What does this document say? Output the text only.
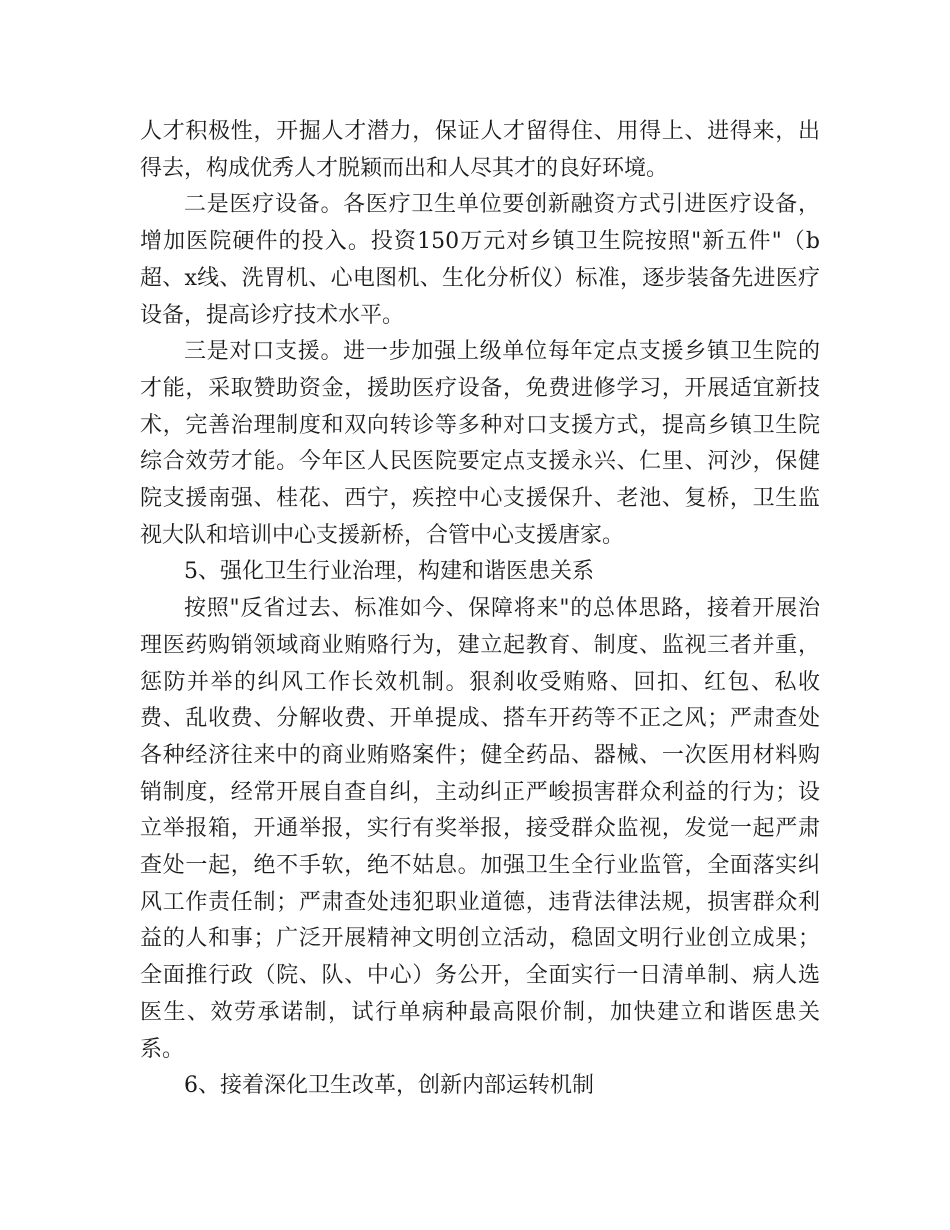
人才积极性，开掘人才潜力，保证人才留得住、用得上、进得来，出得去，构成优秀人才脱颖而出和人尽其才的良好环境。

二是医疗设备。各医疗卫生单位要创新融资方式引进医疗设备，增加医院硬件的投入。投资150万元对乡镇卫生院按照"新五件"（b超、x线、洗胃机、心电图机、生化分析仪）标准，逐步装备先进医疗设备，提高诊疗技术水平。

三是对口支援。进一步加强上级单位每年定点支援乡镇卫生院的才能，采取赞助资金，援助医疗设备，免费进修学习，开展适宜新技术，完善治理制度和双向转诊等多种对口支援方式，提高乡镇卫生院综合效劳才能。今年区人民医院要定点支援永兴、仁里、河沙，保健院支援南强、桂花、西宁，疾控中心支援保升、老池、复桥，卫生监视大队和培训中心支援新桥，合管中心支援唐家。

5、强化卫生行业治理，构建和谐医患关系

按照"反省过去、标准如今、保障将来"的总体思路，接着开展治理医药购销领域商业贿赂行为，建立起教育、制度、监视三者并重，惩防并举的纠风工作长效机制。狠刹收受贿赂、回扣、红包、私收费、乱收费、分解收费、开单提成、搭车开药等不正之风；严肃查处各种经济往来中的商业贿赂案件；健全药品、器械、一次医用材料购销制度，经常开展自查自纠，主动纠正严峻损害群众利益的行为；设立举报箱，开通举报，实行有奖举报，接受群众监视，发觉一起严肃查处一起，绝不手软，绝不姑息。加强卫生全行业监管，全面落实纠风工作责任制；严肃查处违犯职业道德，违背法律法规，损害群众利益的人和事；广泛开展精神文明创立活动，稳固文明行业创立成果；全面推行政（院、队、中心）务公开，全面实行一日清单制、病人选医生、效劳承诺制，试行单病种最高限价制，加快建立和谐医患关系。

6、接着深化卫生改革，创新内部运转机制
